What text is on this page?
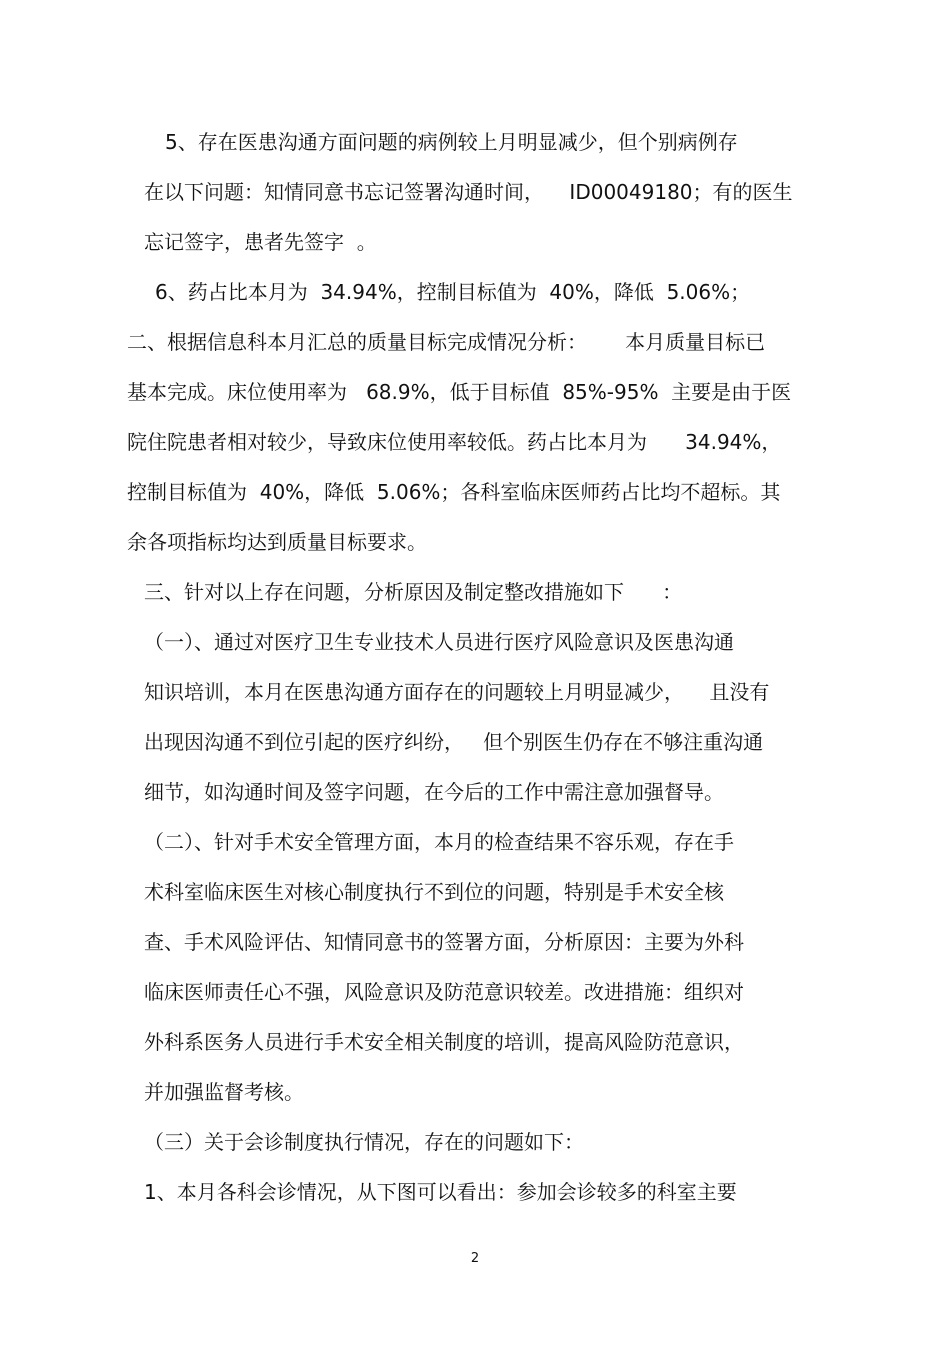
5、存在医患沟通方面问题的病例较上月明显减少，但个别病例存
在以下问题：知情同意书忘记签署沟通时间，    ID00049180；有的医生
忘记签字，患者先签字  。
6、药占比本月为  34.94%，控制目标值为  40%，降低  5.06%；
二、根据信息科本月汇总的质量目标完成情况分析：      本月质量目标已
基本完成。床位使用率为   68.9%，低于目标值  85%-95%  主要是由于医
院住院患者相对较少，导致床位使用率较低。药占比本月为      34.94%，
控制目标值为  40%，降低  5.06%；各科室临床医师药占比均不超标。其
余各项指标均达到质量目标要求。
三、针对以上存在问题，分析原因及制定整改措施如下      ：
（一）、通过对医疗卫生专业技术人员进行医疗风险意识及医患沟通
知识培训，本月在医患沟通方面存在的问题较上月明显减少，    且没有
出现因沟通不到位引起的医疗纠纷，   但个别医生仍存在不够注重沟通
细节，如沟通时间及签字问题，在今后的工作中需注意加强督导。
（二）、针对手术安全管理方面，本月的检查结果不容乐观，存在手
术科室临床医生对核心制度执行不到位的问题，特别是手术安全核
查、手术风险评估、知情同意书的签署方面，分析原因：主要为外科
临床医师责任心不强，风险意识及防范意识较差。改进措施：组织对
外科系医务人员进行手术安全相关制度的培训，提高风险防范意识，
并加强监督考核。
（三）关于会诊制度执行情况，存在的问题如下：
1、本月各科会诊情况，从下图可以看出：参加会诊较多的科室主要
2
